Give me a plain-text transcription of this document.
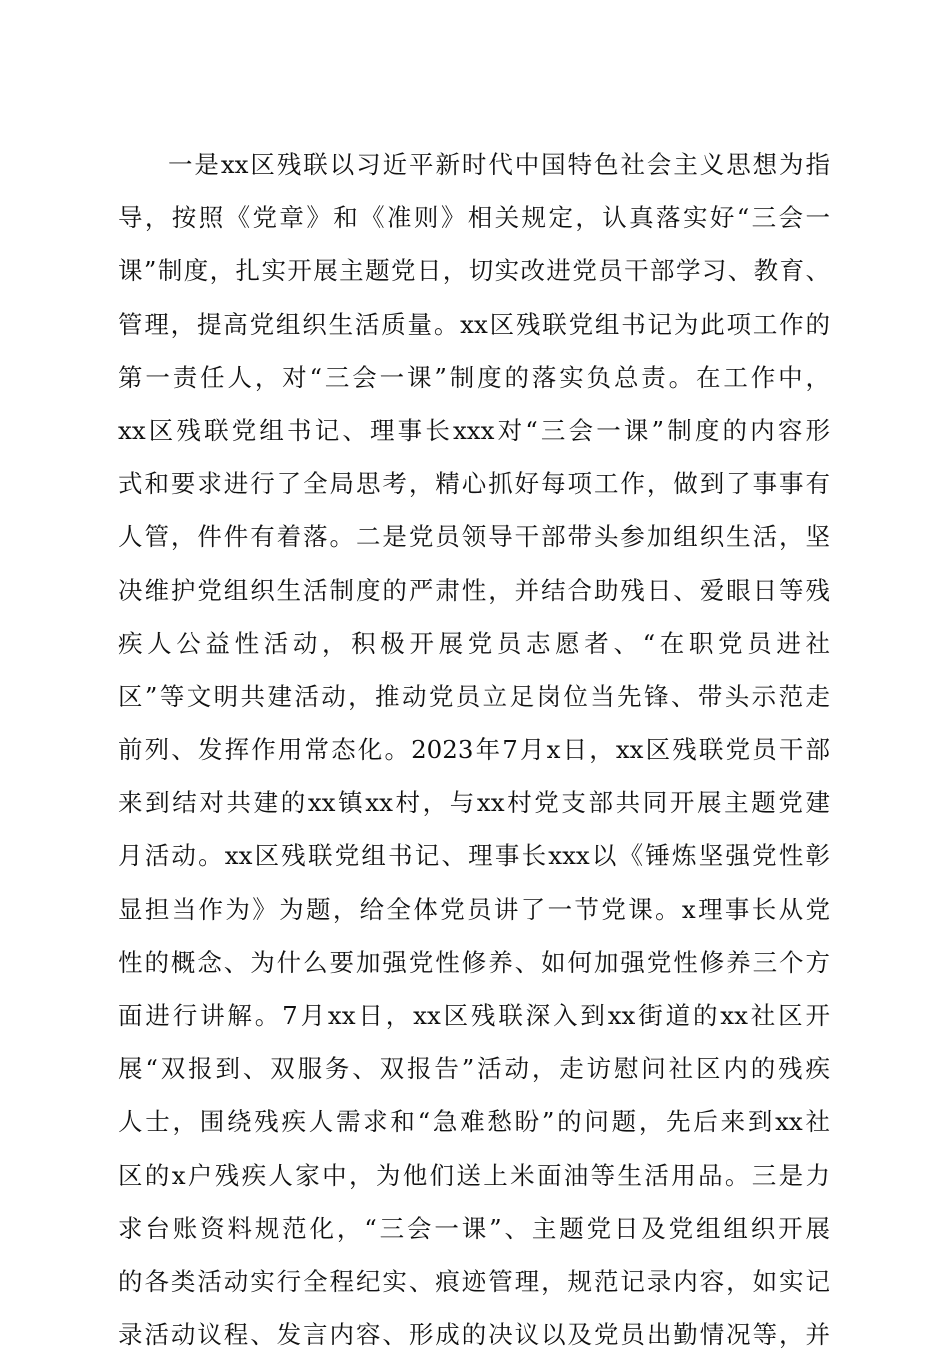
一是xx区残联以习近平新时代中国特色社会主义思想为指
导，按照《党章》和《准则》相关规定，认真落实好“三会一
课”制度，扎实开展主题党日，切实改进党员干部学习、教育、
管理，提高党组织生活质量。xx区残联党组书记为此项工作的
第一责任人，对“三会一课”制度的落实负总责。在工作中，
xx区残联党组书记、理事长xxx对“三会一课”制度的内容形
式和要求进行了全局思考，精心抓好每项工作，做到了事事有
人管，件件有着落。二是党员领导干部带头参加组织生活，坚
决维护党组织生活制度的严肃性，并结合助残日、爱眼日等残
疾人公益性活动，积极开展党员志愿者、“在职党员进社
区”等文明共建活动，推动党员立足岗位当先锋、带头示范走
前列、发挥作用常态化。2023年7月x日，xx区残联党员干部
来到结对共建的xx镇xx村，与xx村党支部共同开展主题党建
月活动。xx区残联党组书记、理事长xxx以《锤炼坚强党性彰
显担当作为》为题，给全体党员讲了一节党课。x理事长从党
性的概念、为什么要加强党性修养、如何加强党性修养三个方
面进行讲解。7月xx日，xx区残联深入到xx街道的xx社区开
展“双报到、双服务、双报告”活动，走访慰问社区内的残疾
人士，围绕残疾人需求和“急难愁盼”的问题，先后来到xx社
区的x户残疾人家中，为他们送上米面油等生活用品。三是力
求台账资料规范化，“三会一课”、主题党日及党组组织开展
的各类活动实行全程纪实、痕迹管理，规范记录内容，如实记
录活动议程、发言内容、形成的决议以及党员出勤情况等，并
